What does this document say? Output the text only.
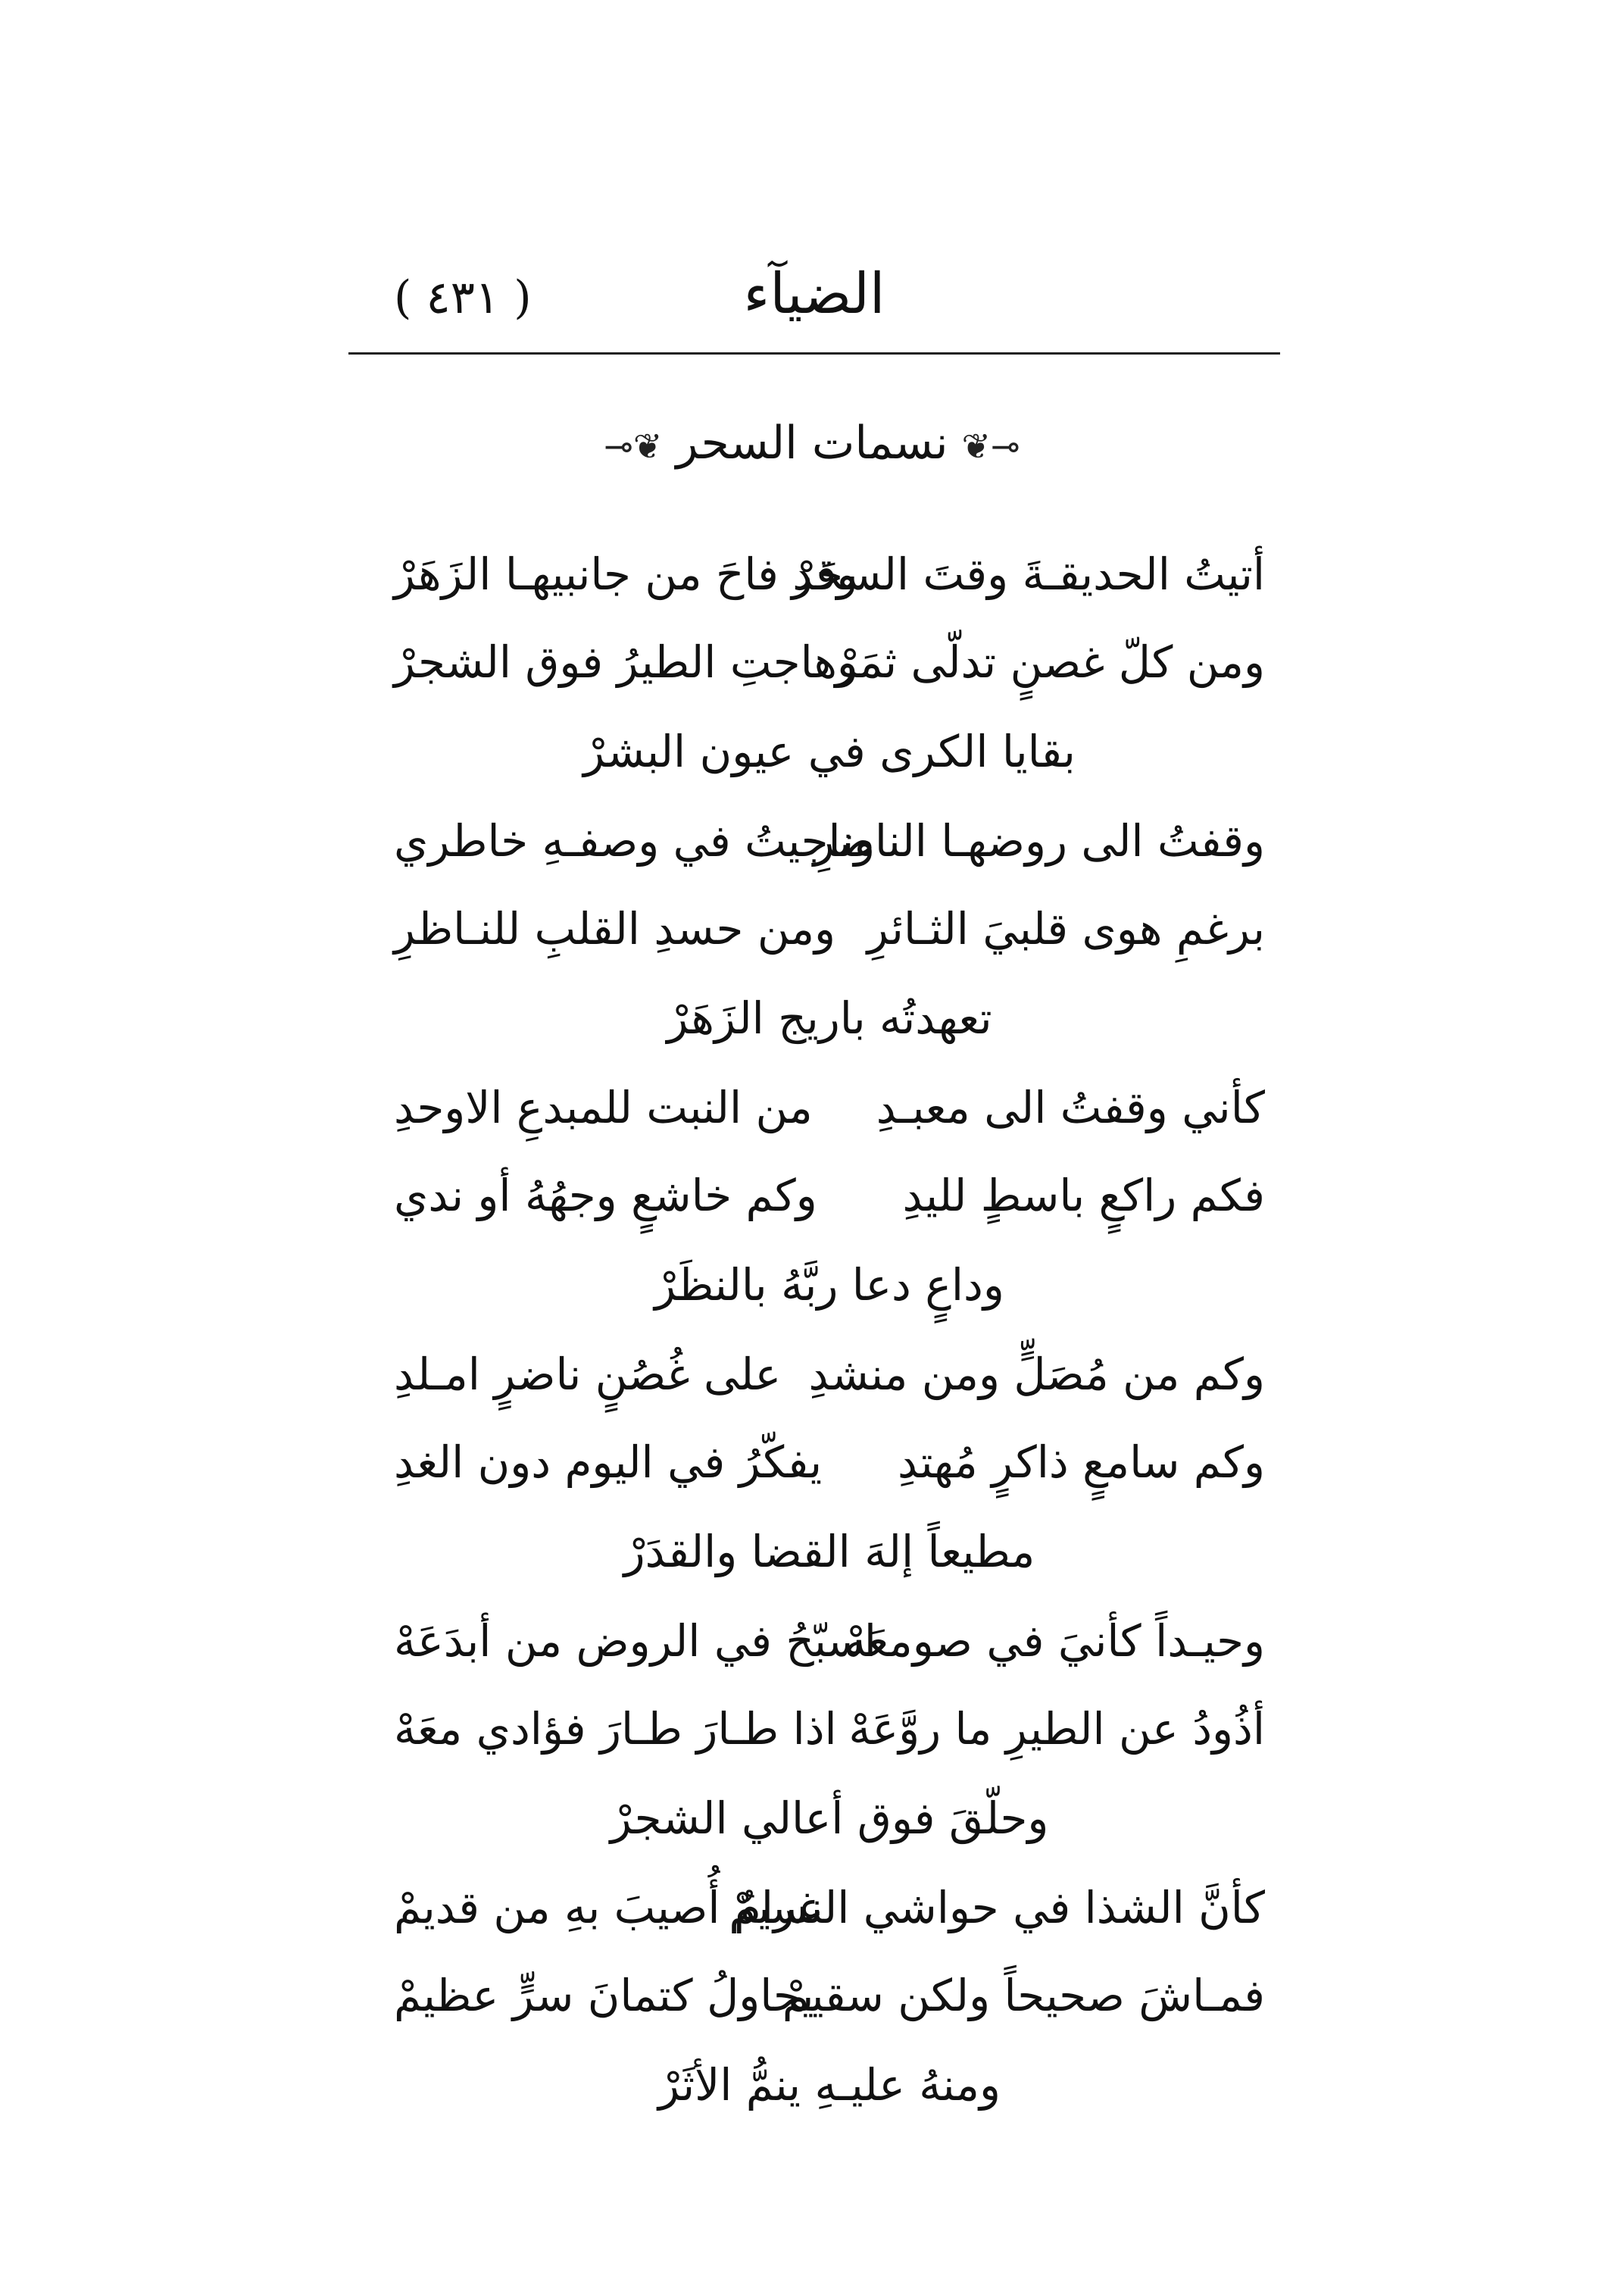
( ٤٣١ )	الضيآء
⊸❦نسمات السحر❦⟜
أتيتُ الحديقـةَ وقتَ السحَرْ
وقد فاحَ من جانبيهـا الزَهَرْ
ومن كلّ غصنٍ تدلّى ثمَرْ
وهاجتِ الطيرُ فوق الشجرْ
بقايا الكرى في عيون البشرْ
وقفتُ الى روضهـا الناضرِ
وناجيتُ في وصفـهِ خاطري
برغمِ هوى قلبيَ الثـائرِ
ومن حسدِ القلبِ للنـاظرِ
تعهدتُه باريج الزَهَرْ
كأني وقفتُ الى معبـدِ
من النبت للمبدعِ الاوحدِ
فكم راكعٍ باسطٍ لليدِ
وكم خاشعٍ وجهُهُ أو ندي
وداعٍ دعا ربَّهُ بالنظَرْ
وكم من مُصَلٍّ ومن منشدِ
على غُصُنٍ ناضرٍ امـلدِ
وكم سامعٍ ذاكرٍ مُهتدِ
يفكّرُ في اليوم دون الغدِ
مطيعاً إلهَ القضا والقدَرْ
وحيـداً كأنيَ في صومعَهْ
اسبّحُ في الروض من أبدَعَهْ
أذُودُ عن الطيرِ ما روَّعَهْ
اذا طـارَ طـارَ فؤادي معَهْ
وحلّقَ فوق أعالي الشجرْ
كأنَّ الشذا في حواشي النسيمْ
غرامٌ أُصيبَ بهِ من قديمْ
فمـاشَ صحيحاً ولكن سقيمْ
يحاولُ كتمانَ سرٍّ عظيمْ
ومنهُ عليـهِ ينمُّ الأثَرْ
